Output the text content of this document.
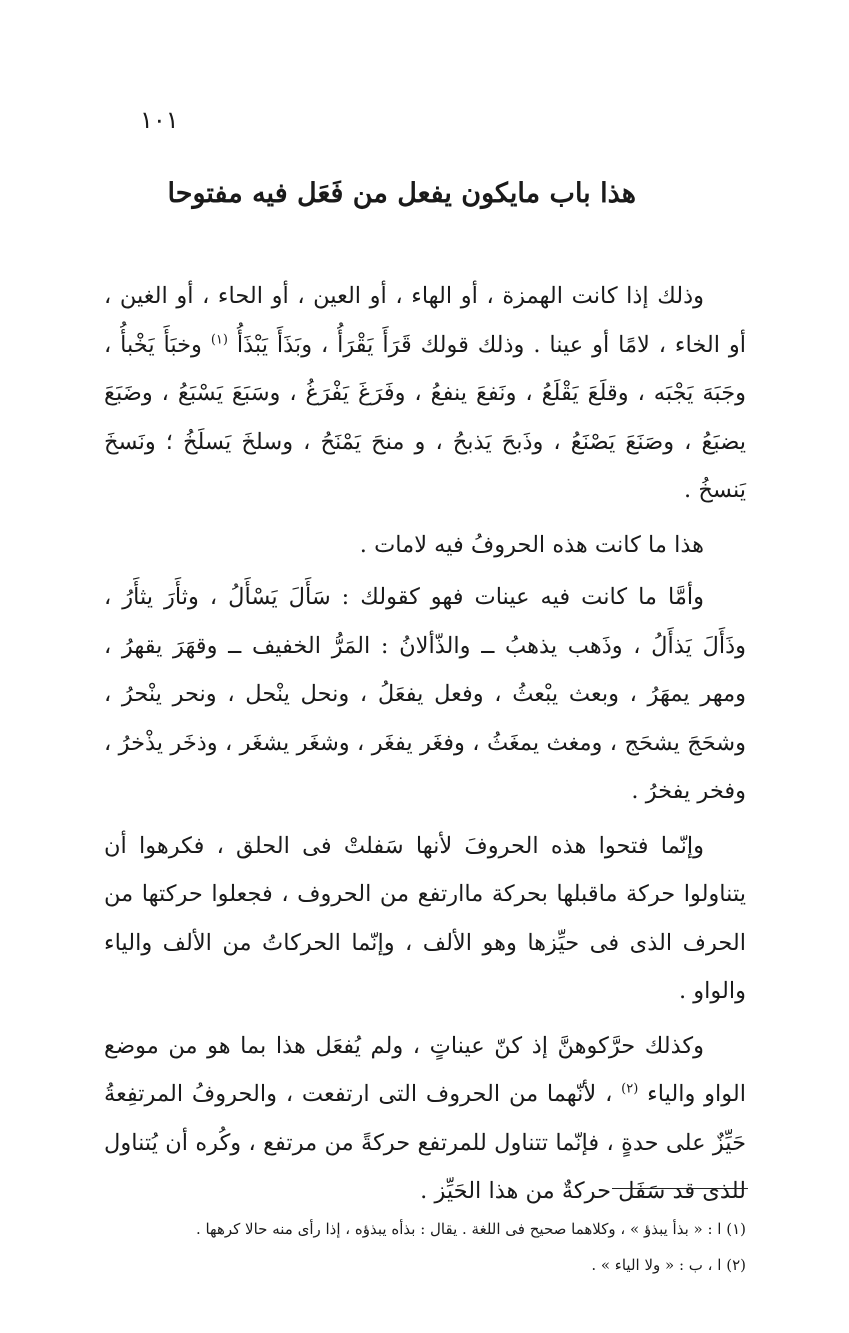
١٠١
هذا باب مايكون يفعل من فَعَل فيه مفتوحا

وذلك إذا كانت الهمزة ، أو الهاء ، أو العين ، أو الحاء ، أو الغين ، أو الخاء ، لامًا أو عينا . وذلك قولك قَرَأَ يَقْرَأُ ، وبَذَأَ يَبْذَأُ $^{(١)}$ وخبَأَ يَخْبأُ ، وجَبَهَ يَجْبَه ، وقلَعَ يَقْلَعُ ، ونَفعَ ينفعُ ، وفَرَغَ يَفْرَغُ ، وسَبَعَ يَسْبَعُ ، وضَبَعَ يضبَعُ ، وصَنَعَ يَصْنَعُ ، وذَبحَ يَذبحُ ، و منحَ يَمْنَحُ ، وسلخَ يَسلَخُ ؛ ونَسخَ يَنسخُ .

هذا ما كانت هذه الحروفُ فيه لامات .

وأمَّا ما كانت فيه عينات فهو كقولك : سَأَلَ يَسْأَلُ ، وثأَرَ يثأَرُ ، وذَأَلَ يَذأَلُ ، وذَهب يذهبُ ــ والذّألانُ : المَرُّ الخفيف ــ وقهَرَ يقهرُ ، ومهر يمهَرُ ، وبعث يبْعثُ ، وفعل يفعَلُ ، ونحل ينْحل ، ونحر ينْحرُ ، وشحَجَ يشحَج ، ومغث يمغَثُ ، وفغَر يفغَر ، وشغَر يشغَر ، وذخَر يذْخرُ ، وفخر يفخرُ .

وإنّما فتحوا هذه الحروفَ لأنها سَفلتْ فى الحلق ، فكرهوا أن يتناولوا حركة ماقبلها بحركة ماارتفع من الحروف ، فجعلوا حركتها من الحرف الذى فى حيِّزها وهو الألف ، وإنّما الحركاتُ من الألف والياء والواو .

وكذلك حرَّكوهنَّ إذ كنّ عيناتٍ ، ولم يُفعَل هذا بما هو من موضع الواو والياء $^{(٢)}$ ، لأنّهما من الحروف التى ارتفعت ، والحروفُ المرتفِعةُ حَيِّزٌ على حدةٍ ، فإنّما تتناول للمرتفع حركةً من مرتفع ، وكُره أن يُتناول للذى قد سَفَل حركةٌ من هذا الحَيِّز .

(١) ا : « بذأ يبذؤ » ، وكلاهما صحيح فى اللغة . يقال : بذأه يبذؤه ، إذا رأى منه حالا كرهها .
(٢) ا ، ب : « ولا الياء » .
